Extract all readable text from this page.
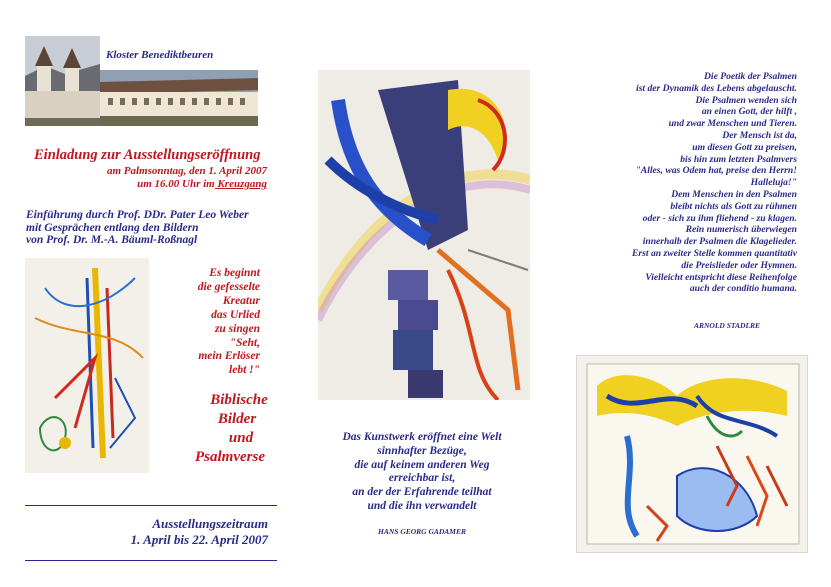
Kloster Benediktbeuren
Einladung zur Ausstellungseröffnung
am Palmsonntag, den 1. April 2007
um 16.00 Uhr im Kreuzgang
Einführung durch Prof. DDr. Pater Leo Weber
mit Gesprächen entlang den Bildern
von Prof. Dr. M.-A. Bäuml-Roßnagl
Es beginnt
die gefesselte
Kreatur
das Urlied
zu singen
"Seht,
mein Erlöser
lebt !"
Biblische
Bilder
und
Psalmverse
Ausstellungszeitraum
1. April bis 22. April 2007
Das Kunstwerk eröffnet eine Welt
sinnhafter Bezüge,
die auf keinem anderen Weg
erreichbar ist,
an der der Erfahrende teilhat
und die ihn verwandelt
HANS GEORG GADAMER
Die Poetik der Psalmen
ist der Dynamik des Lebens abgelauscht.
Die Psalmen wenden sich
an einen Gott, der hilft ,
und zwar Menschen und Tieren.
Der Mensch ist da,
um diesen Gott zu preisen,
bis hin zum letzten Psalmvers
"Alles, was Odem hat, preise den Herrn!
Halleluja!"
Dem Menschen in den Psalmen
bleibt nichts als Gott zu rühmen
oder - sich zu ihm fliehend - zu klagen.
Rein numerisch überwiegen
innerhalb der Psalmen die Klagelieder.
Erst an zweiter Stelle kommen quantitativ
die Preislieder oder Hymnen.
Vielleicht entspricht diese Reihenfolge
auch der conditio humana.
ARNOLD STADLRE
